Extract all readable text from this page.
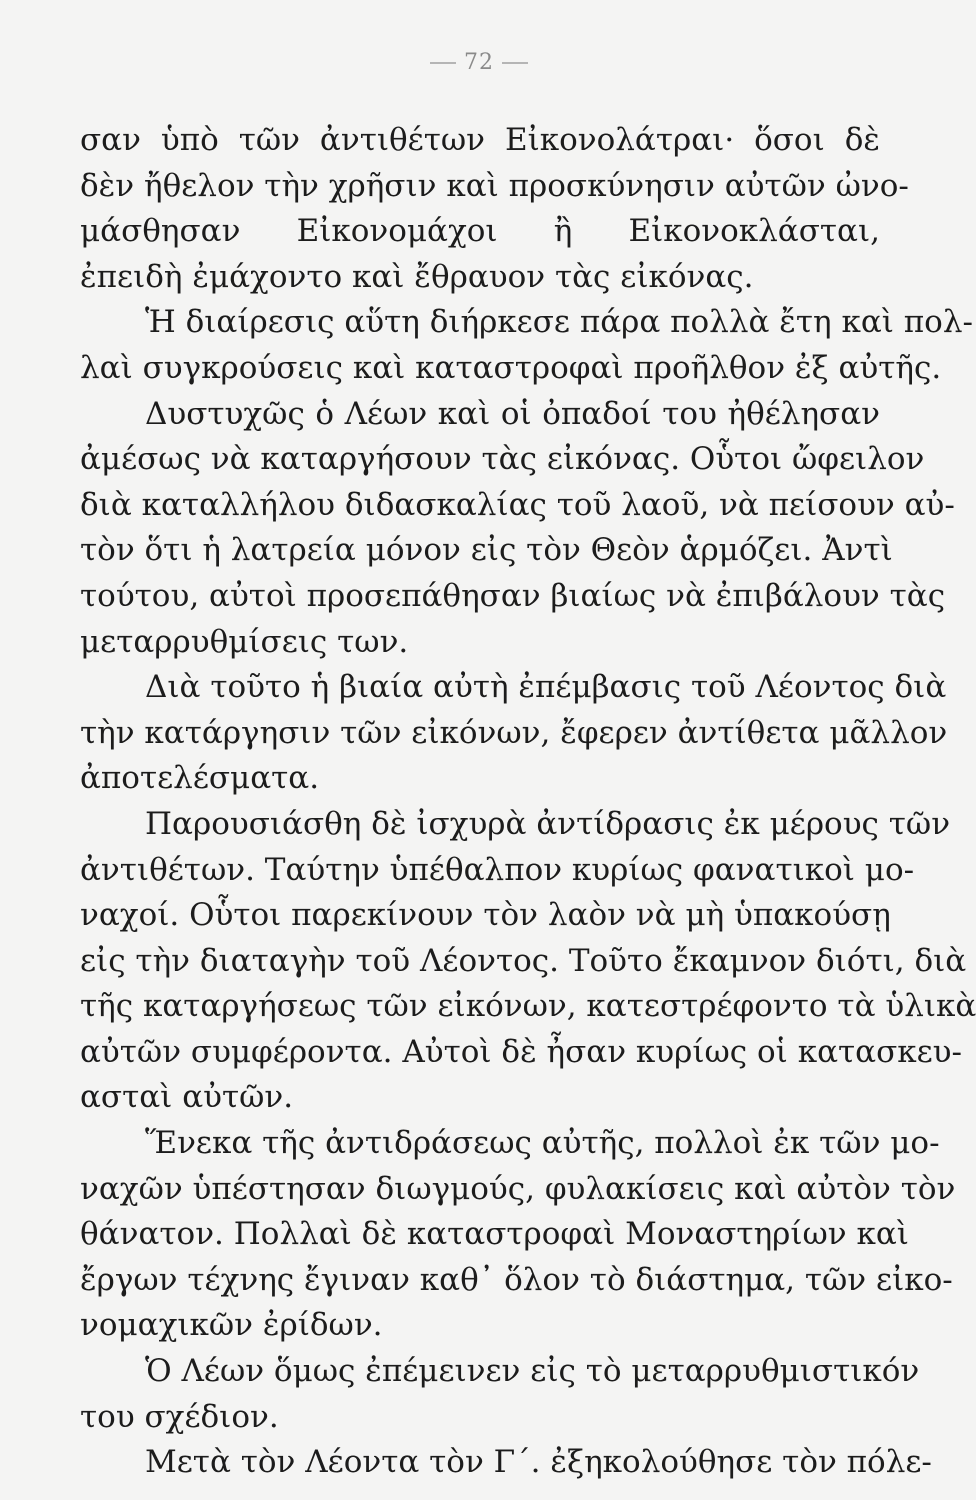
72
σαν ὑπὸ τῶν ἀντιθέτων Εἰκονολάτραι· ὅσοι δὲ
δὲν ἤθελον τὴν χρῆσιν καὶ προσκύνησιν αὐτῶν ὠνο-
μάσθησαν Εἰκονομάχοι ἢ Εἰκονοκλάσται,
ἐπειδὴ ἐμάχοντο καὶ ἔθραυον τὰς εἰκόνας.
Ἡ διαίρεσις αὕτη διήρκεσε πάρα πολλὰ ἔτη καὶ πολ-
λαὶ συγκρούσεις καὶ καταστροφαὶ προῆλθον ἐξ αὐτῆς.
Δυστυχῶς ὁ Λέων καὶ οἱ ὀπαδοί του ἠθέλησαν
ἀμέσως νὰ καταργήσουν τὰς εἰκόνας. Οὗτοι ὤφειλον
διὰ καταλλήλου διδασκαλίας τοῦ λαοῦ, νὰ πείσουν αὐ-
τὸν ὅτι ἡ λατρεία μόνον εἰς τὸν Θεὸν ἁρμόζει. Ἀντὶ
τούτου, αὐτοὶ προσεπάθησαν βιαίως νὰ ἐπιβάλουν τὰς
μεταρρυθμίσεις των.
Διὰ τοῦτο ἡ βιαία αὐτὴ ἐπέμβασις τοῦ Λέοντος διὰ
τὴν κατάργησιν τῶν εἰκόνων, ἔφερεν ἀντίθετα μᾶλλον
ἀποτελέσματα.
Παρουσιάσθη δὲ ἰσχυρὰ ἀντίδρασις ἐκ μέρους τῶν
ἀντιθέτων. Ταύτην ὑπέθαλπον κυρίως φανατικοὶ μο-
ναχοί. Οὗτοι παρεκίνουν τὸν λαὸν νὰ μὴ ὑπακούσῃ
εἰς τὴν διαταγὴν τοῦ Λέοντος. Τοῦτο ἔκαμνον διότι, διὰ
τῆς καταργήσεως τῶν εἰκόνων, κατεστρέφοντο τὰ ὑλικὰ
αὐτῶν συμφέροντα. Αὐτοὶ δὲ ἦσαν κυρίως οἱ κατασκευ-
ασταὶ αὐτῶν.
Ἕνεκα τῆς ἀντιδράσεως αὐτῆς, πολλοὶ ἐκ τῶν μο-
ναχῶν ὑπέστησαν διωγμούς, φυλακίσεις καὶ αὐτὸν τὸν
θάνατον. Πολλαὶ δὲ καταστροφαὶ Μοναστηρίων καὶ
ἔργων τέχνης ἔγιναν καθ᾽ ὅλον τὸ διάστημα, τῶν εἰκο-
νομαχικῶν ἐρίδων.
Ὁ Λέων ὅμως ἐπέμεινεν εἰς τὸ μεταρρυθμιστικόν
του σχέδιον.
Μετὰ τὸν Λέοντα τὸν Γ΄. ἐξηκολούθησε τὸν πόλε-
